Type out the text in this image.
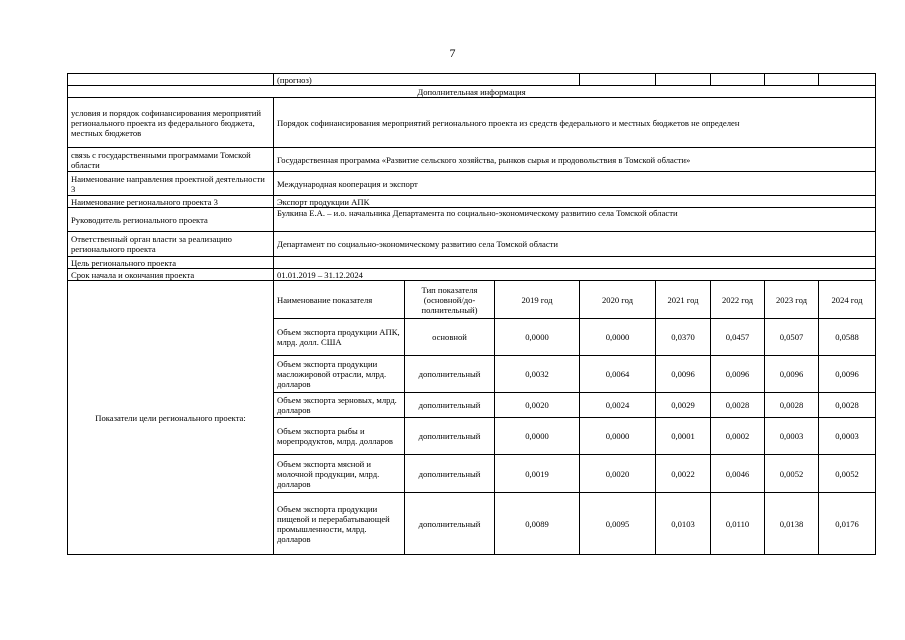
7
	(прогноз)							
Дополнительная информация								
условия и порядок софинансирования мероприятий регионального проекта из федерального бюджета, местных бюджетов	Порядок софинансирования мероприятий регионального проекта из средств федерального и местных бюджетов не определен							
связь с государственными программами Томской области	Государственная программа «Развитие сельского хозяйства, рынков сырья и продовольствия в Томской области»							
Наименование направления проектной деятельности 3	Международная кооперация и экспорт							
Наименование регионального проекта 3	Экспорт продукции АПК							
Руководитель регионального проекта	Булкина Е.А. – и.о. начальника Департамента по социально-экономическому развитию села Томской области							
Ответственный орган власти за реализацию регионального проекта	Департамент по социально-экономическому развитию села Томской области							
Цель регионального проекта								
Срок начала и окончания проекта	01.01.2019 – 31.12.2024							
Показатели цели регионального проекта:	Наименование показателя	Тип показателя (основной/до-полнительный)	2019 год	2020 год	2021 год	2022 год	2023 год	2024 год
	Объем экспорта продукции АПК, млрд. долл. США	основной	0,0000	0,0000	0,0370	0,0457	0,0507	0,0588
	Объем экспорта продукции масложировой отрасли, млрд. долларов	дополнительный	0,0032	0,0064	0,0096	0,0096	0,0096	0,0096
	Объем экспорта зерновых, млрд. долларов	дополнительный	0,0020	0,0024	0,0029	0,0028	0,0028	0,0028
	Объем экспорта рыбы и морепродуктов, млрд. долларов	дополнительный	0,0000	0,0000	0,0001	0,0002	0,0003	0,0003
	Объем экспорта мясной и молочной продукции, млрд. долларов	дополнительный	0,0019	0,0020	0,0022	0,0046	0,0052	0,0052
	Объем экспорта продукции пищевой и перерабатывающей промышленности, млрд. долларов	дополнительный	0,0089	0,0095	0,0103	0,0110	0,0138	0,0176
